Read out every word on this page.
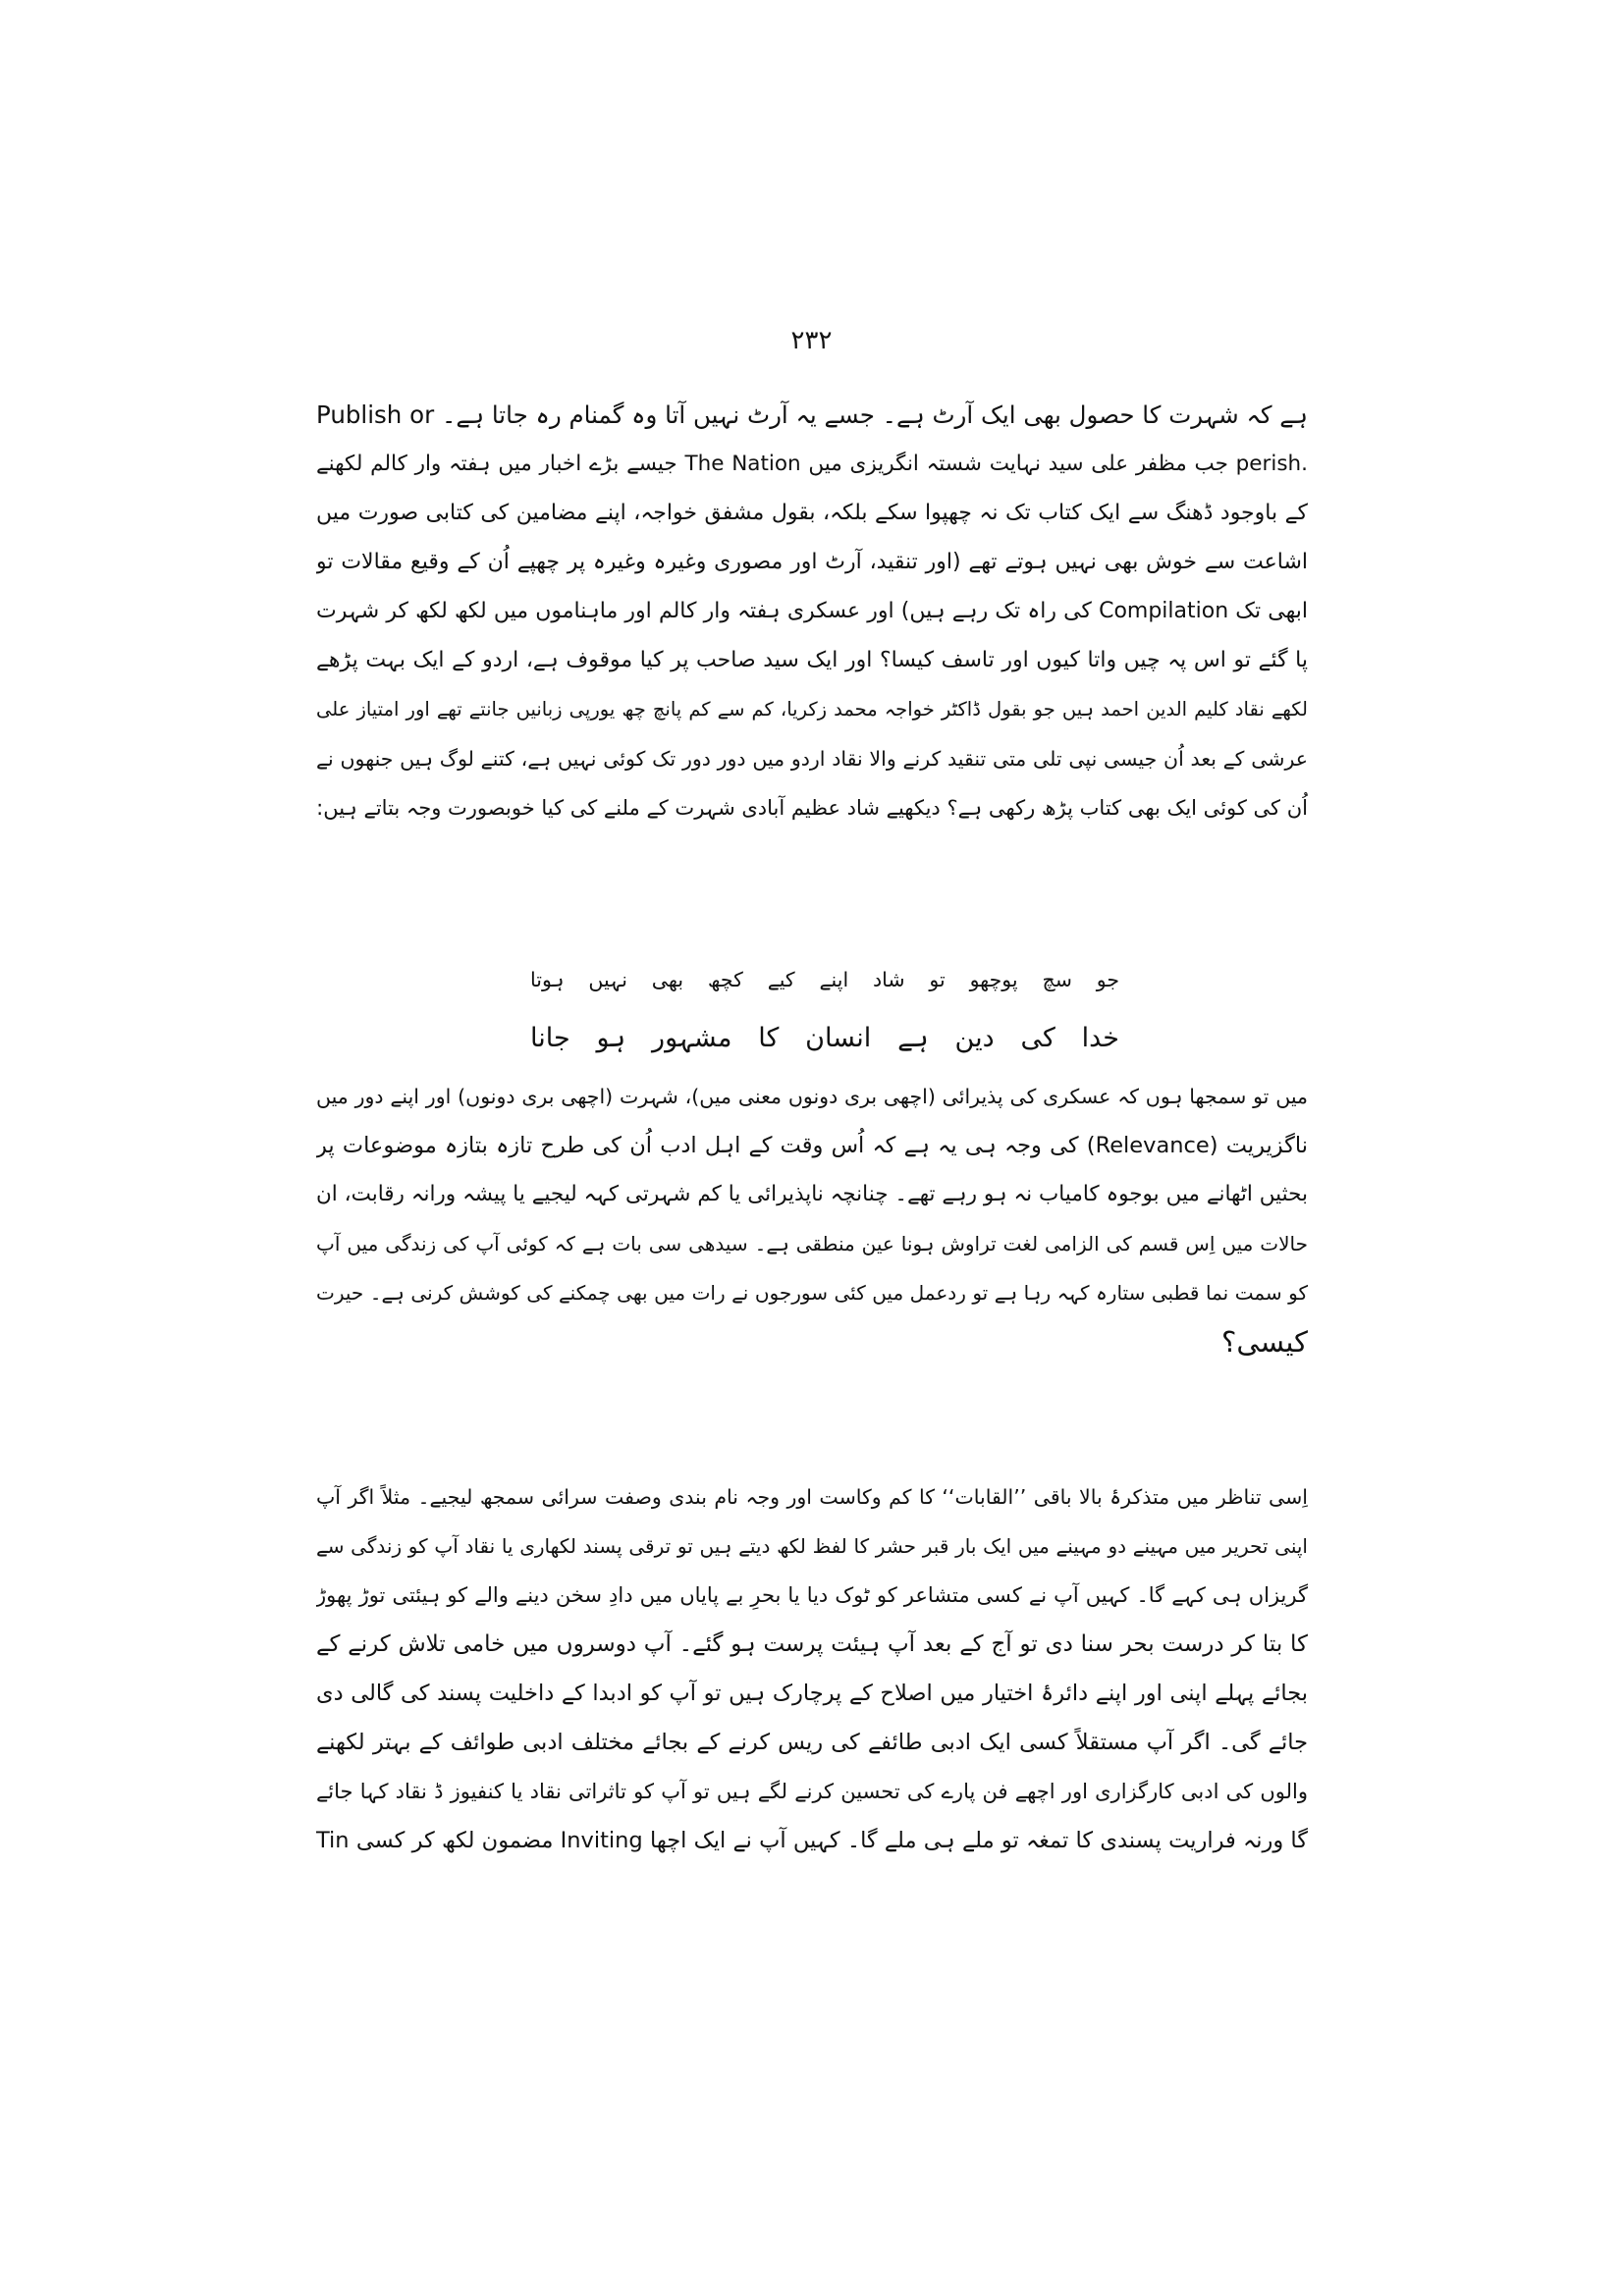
۲۳۲
ہے کہ شہرت کا حصول بھی ایک آرٹ ہے۔ جسے یہ آرٹ نہیں آتا وہ گمنام رہ جاتا ہے۔ Publish or
.perish جب مظفر علی سید نہایت شستہ انگریزی میں The Nation جیسے بڑے اخبار میں ہفتہ وار کالم لکھنے
کے باوجود ڈھنگ سے ایک کتاب تک نہ چھپوا سکے بلکہ، بقول مشفق خواجہ، اپنے مضامین کی کتابی صورت میں
اشاعت سے خوش بھی نہیں ہوتے تھے (اور تنقید، آرٹ اور مصوری وغیرہ وغیرہ پر چھپے اُن کے وقیع مقالات تو
ابھی تک Compilation کی راہ تک رہے ہیں) اور عسکری ہفتہ وار کالم اور ماہناموں میں لکھ لکھ کر شہرت
پا گئے تو اس پہ چیں واتا کیوں اور تاسف کیسا؟ اور ایک سید صاحب پر کیا موقوف ہے، اردو کے ایک بہت پڑھے
لکھے نقاد کلیم الدین احمد ہیں جو بقول ڈاکٹر خواجہ محمد زکریا، کم سے کم پانچ چھ یورپی زبانیں جانتے تھے اور امتیاز علی
عرشی کے بعد اُن جیسی نپی تلی متی تنقید کرنے والا نقاد اردو میں دور دور تک کوئی نہیں ہے، کتنے لوگ ہیں جنھوں نے
اُن کی کوئی ایک بھی کتاب پڑھ رکھی ہے؟ دیکھیے شاد عظیم آبادی شہرت کے ملنے کی کیا خوبصورت وجہ بتاتے ہیں:
جو سچ پوچھو تو شاد اپنے کیے کچھ بھی نہیں ہوتا
خدا کی دین ہے انسان کا مشہور ہو جانا
میں تو سمجھا ہوں کہ عسکری کی پذیرائی (اچھی بری دونوں معنی میں)، شہرت (اچھی بری دونوں) اور اپنے دور میں
ناگزیریت (Relevance) کی وجہ ہی یہ ہے کہ اُس وقت کے اہل ادب اُن کی طرح تازہ بتازہ موضوعات پر
بحثیں اٹھانے میں بوجوہ کامیاب نہ ہو رہے تھے۔ چنانچہ ناپذیرائی یا کم شہرتی کہہ لیجیے یا پیشہ ورانہ رقابت، ان
حالات میں اِس قسم کی الزامی لغت تراوش ہونا عین منطقی ہے۔ سیدھی سی بات ہے کہ کوئی آپ کی زندگی میں آپ
کو سمت نما قطبی ستارہ کہہ رہا ہے تو ردعمل میں کئی سورجوں نے رات میں بھی چمکنے کی کوشش کرنی ہے۔ حیرت
کیسی؟
اِسی تناظر میں متذکرۂ بالا باقی ’’القابات‘‘ کا کم وکاست اور وجہ نام بندی وصفت سرائی سمجھ لیجیے۔ مثلاً اگر آپ
اپنی تحریر میں مہینے دو مہینے میں ایک بار قبر حشر کا لفظ لکھ دیتے ہیں تو ترقی پسند لکھاری یا نقاد آپ کو زندگی سے
گریزاں ہی کہے گا۔ کہیں آپ نے کسی متشاعر کو ٹوک دیا یا بحرِ بے پایاں میں دادِ سخن دینے والے کو ہیئتی توڑ پھوڑ
کا بتا کر درست بحر سنا دی تو آج کے بعد آپ ہیئت پرست ہو گئے۔ آپ دوسروں میں خامی تلاش کرنے کے
بجائے پہلے اپنی اور اپنے دائرۂ اختیار میں اصلاح کے پرچارک ہیں تو آپ کو ادبدا کے داخلیت پسند کی گالی دی
جائے گی۔ اگر آپ مستقلاً کسی ایک ادبی طائفے کی ریس کرنے کے بجائے مختلف ادبی طوائف کے بہتر لکھنے
والوں کی ادبی کارگزاری اور اچھے فن پارے کی تحسین کرنے لگے ہیں تو آپ کو تاثراتی نقاد یا کنفیوز ڈ نقاد کہا جائے
گا ورنہ فراریت پسندی کا تمغہ تو ملے ہی ملے گا۔ کہیں آپ نے ایک اچھا Inviting مضمون لکھ کر کسی Tin
